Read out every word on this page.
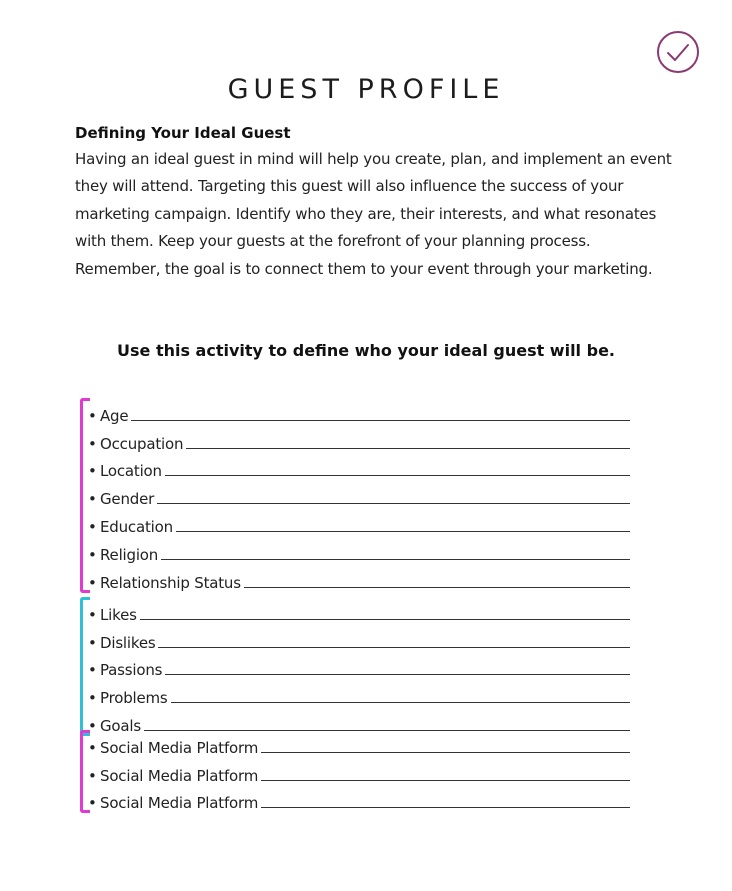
GUEST PROFILE
Defining Your Ideal Guest

Having an ideal guest in mind will help you create, plan, and implement an event they will attend. Targeting this guest will also influence the success of your marketing campaign. Identify who they are, their interests, and what resonates with them. Keep your guests at the forefront of your planning process. Remember, the goal is to connect them to your event through your marketing.

Use this activity to define who your ideal guest will be.

• Age
• Occupation
• Location
• Gender
• Education
• Religion
• Relationship Status
• Likes
• Dislikes
• Passions
• Problems
• Goals
• Social Media Platform
• Social Media Platform
• Social Media Platform
